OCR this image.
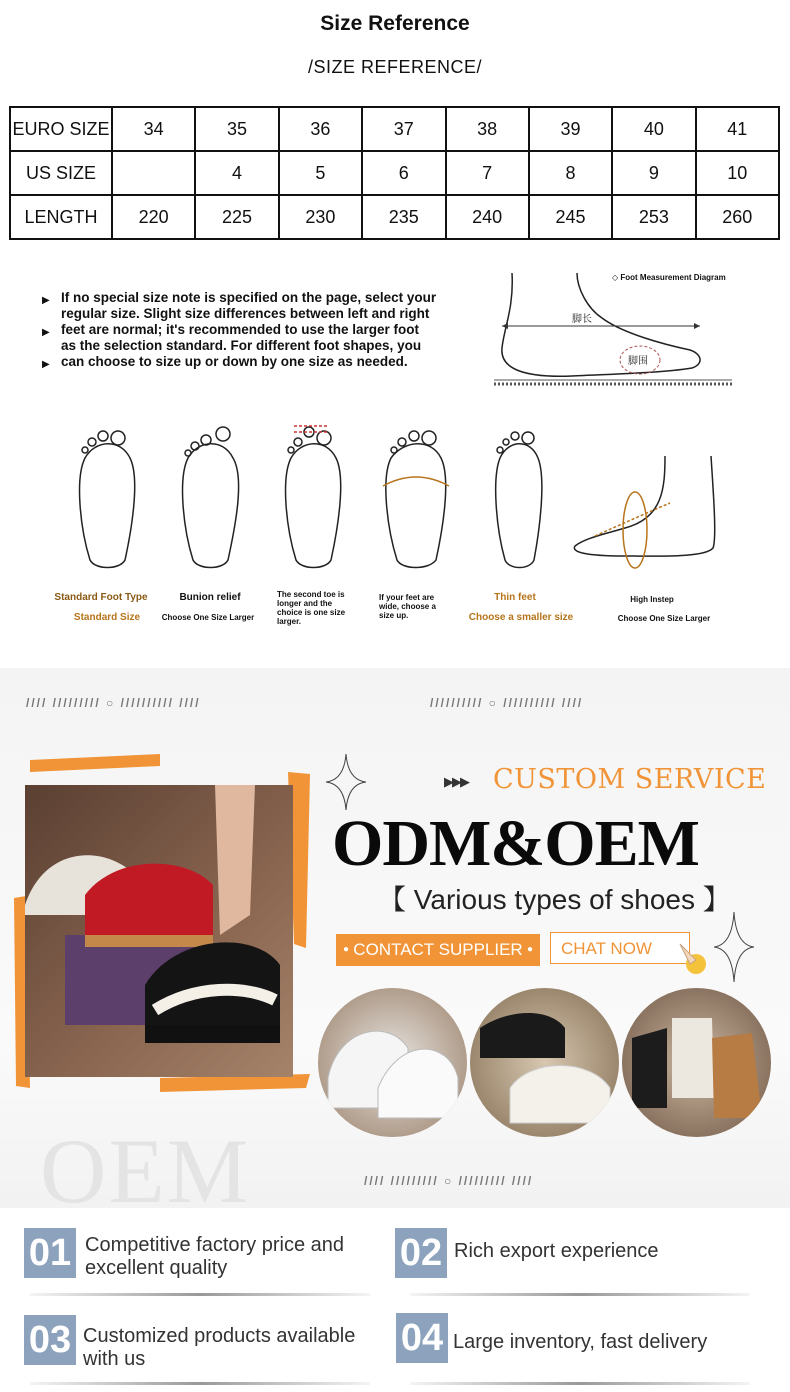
Size Reference
/SIZE REFERENCE/
EURO SIZE	34	35	36	37	38	39	40	41
US SIZE		4	5	6	7	8	9	10
LENGTH	220	225	230	235	240	245	253	260
▶
▶
▶

If no special size note is specified on the page, select your

regular size. Slight size differences between left and right

feet are normal; it's recommended to use the larger foot

as the selection standard. For different foot shapes, you

can choose to size up or down by one size as needed.

◇ Foot Measurement Diagram
脚长
脚围
Standard Foot Type
Standard Size
Bunion relief
Choose One Size Larger
The second toe is longer and the choice is one size larger.
If your feet are wide, choose a size up.
Thin feet
Choose a smaller size
High Instep
Choose One Size Larger
//// ///////// ○ ////////// ////	////////// ○ ////////// ////
//// ///////// ○ ///////// ////
OEM
▶▶▶ CUSTOM SERVICE
ODM&OEM
【 Various types of shoes 】
● CONTACT SUPPLIER ●	CHAT NOW
01 Competitive factory price and
excellent quality	02 Rich export experience
03 Customized products available
with us	04 Large inventory, fast delivery
